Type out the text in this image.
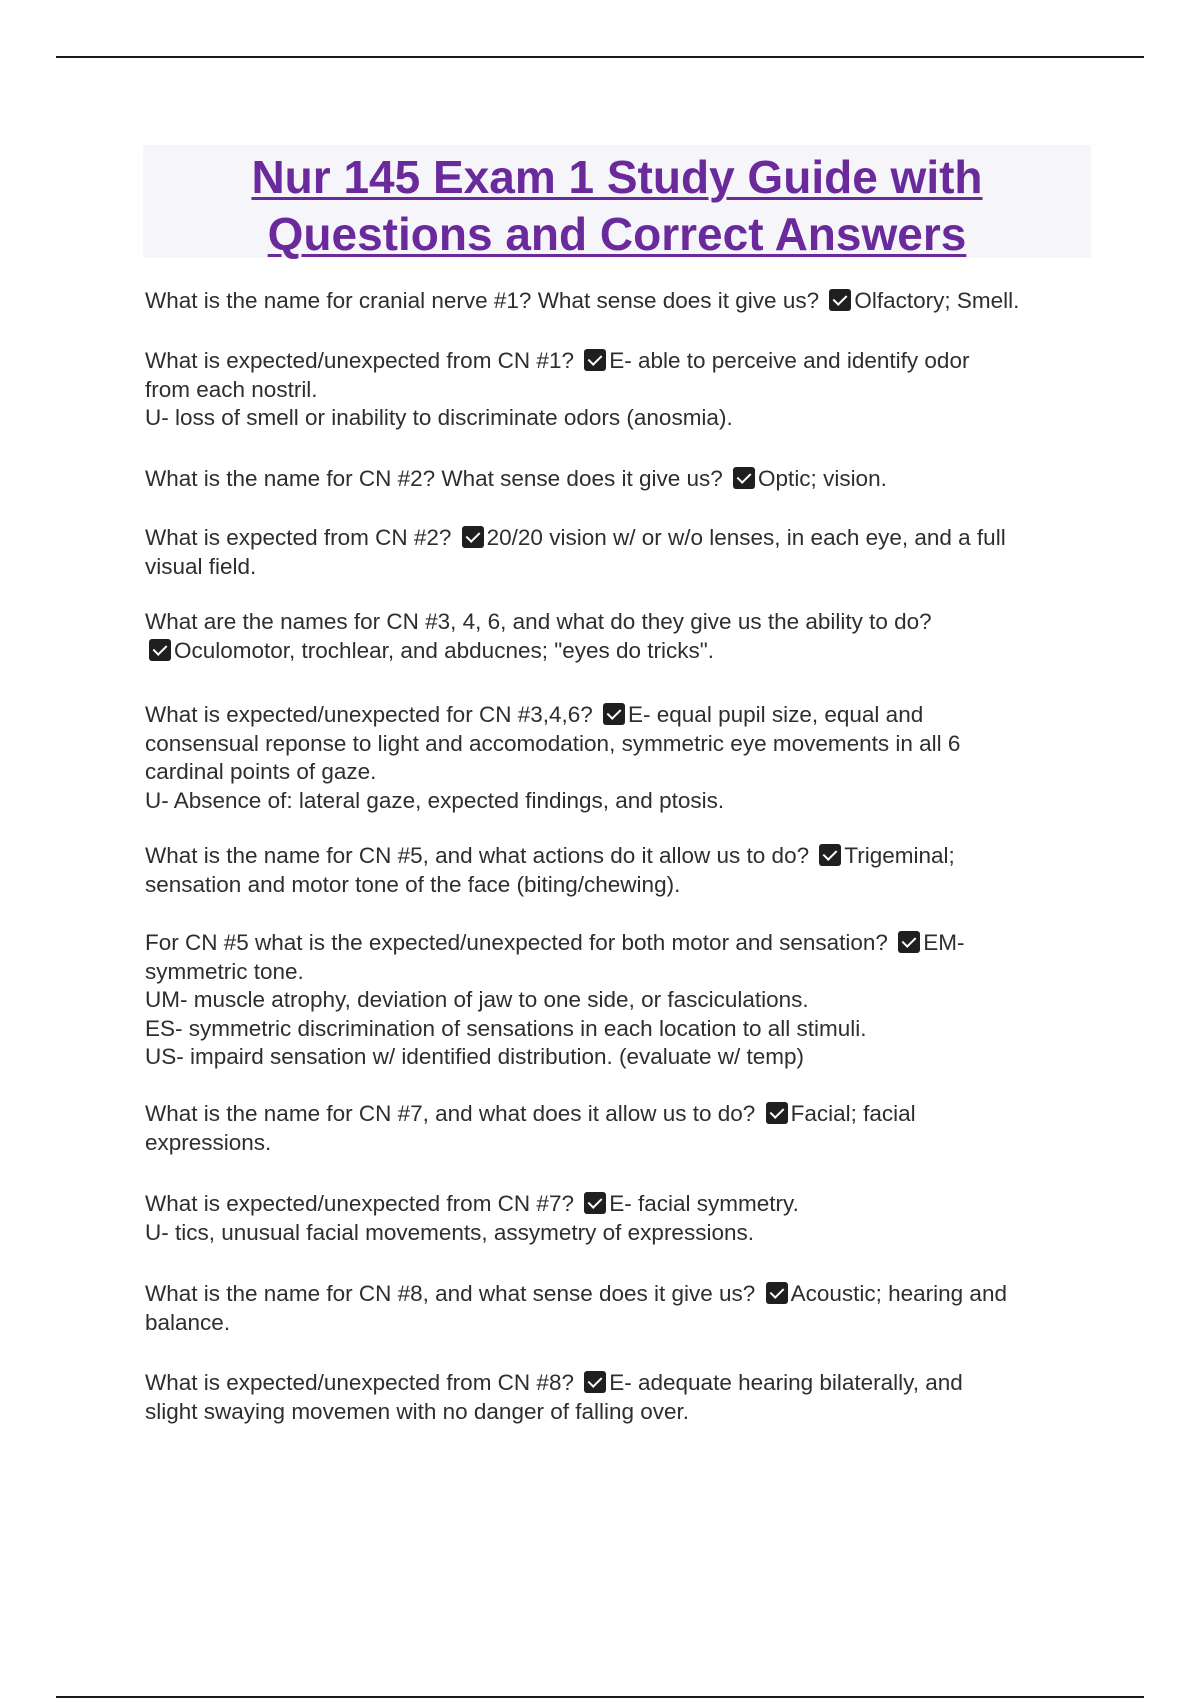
Nur 145 Exam 1 Study Guide with
Questions and Correct Answers
What is the name for cranial nerve #1? What sense does it give us? Olfactory; Smell.
What is expected/unexpected from CN #1? E- able to perceive and identify odor
from each nostril.
U- loss of smell or inability to discriminate odors (anosmia).
What is the name for CN #2? What sense does it give us? Optic; vision.
What is expected from CN #2? 20/20 vision w/ or w/o lenses, in each eye, and a full
visual field.
What are the names for CN #3, 4, 6, and what do they give us the ability to do?
Oculomotor, trochlear, and abducnes; "eyes do tricks".
What is expected/unexpected for CN #3,4,6? E- equal pupil size, equal and
consensual reponse to light and accomodation, symmetric eye movements in all 6
cardinal points of gaze.
U- Absence of: lateral gaze, expected findings, and ptosis.
What is the name for CN #5, and what actions do it allow us to do? Trigeminal;
sensation and motor tone of the face (biting/chewing).
For CN #5 what is the expected/unexpected for both motor and sensation? EM-
symmetric tone.
UM- muscle atrophy, deviation of jaw to one side, or fasciculations.
ES- symmetric discrimination of sensations in each location to all stimuli.
US- impaird sensation w/ identified distribution. (evaluate w/ temp)
What is the name for CN #7, and what does it allow us to do? Facial; facial
expressions.
What is expected/unexpected from CN #7? E- facial symmetry.
U- tics, unusual facial movements, assymetry of expressions.
What is the name for CN #8, and what sense does it give us? Acoustic; hearing and
balance.
What is expected/unexpected from CN #8? E- adequate hearing bilaterally, and
slight swaying movemen with no danger of falling over.
